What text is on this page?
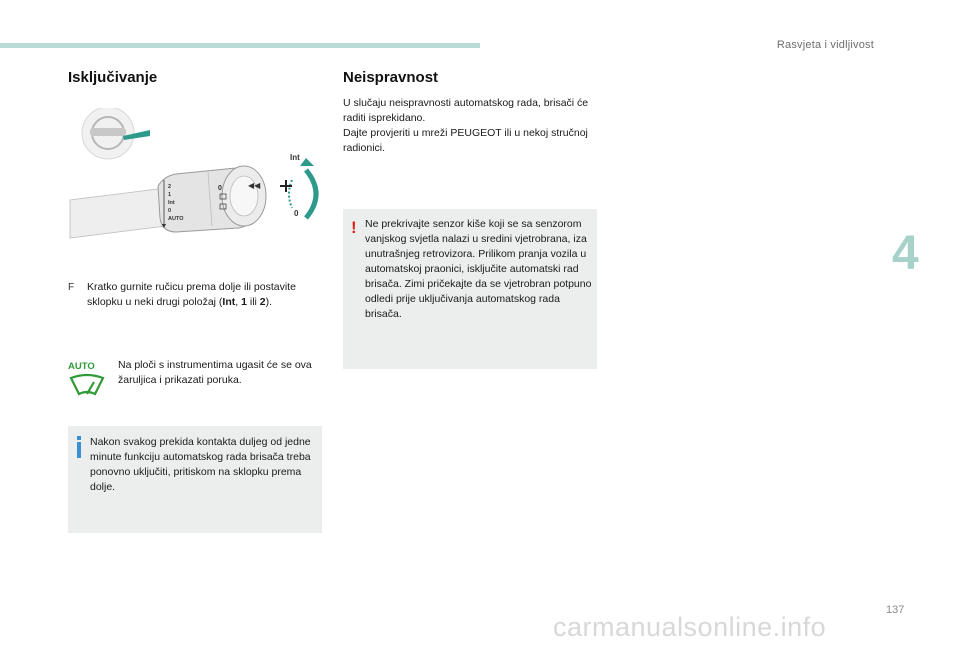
Rasvjeta i vidljivost
4
Isključivanje
2
1
Int
0
AUTO
0	◀◀
Int
0
F Kratko gurnite ručicu prema dolje ili postavite sklopku u neki drugi položaj (Int, 1 ili 2).
AUTO Na ploči s instrumentima ugasit će se ova žaruljica i prikazati poruka.
Nakon svakog prekida kontakta duljeg od jedne minute funkciju automatskog rada brisača treba ponovno uključiti, pritiskom na sklopku prema dolje.
Neispravnost
U slučaju neispravnosti automatskog rada, brisači će raditi isprekidano.
Dajte provjeriti u mreži PEUGEOT ili u nekoj stručnoj radionici.
! Ne prekrivajte senzor kiše koji se sa senzorom vanjskog svjetla nalazi u sredini vjetrobrana, iza unutrašnjeg retrovizora. Prilikom pranja vozila u automatskoj praonici, isključite automatski rad brisača. Zimi pričekajte da se vjetrobran potpuno odledi prije uključivanja automatskog rada brisača.
137
carmanualsonline.info
